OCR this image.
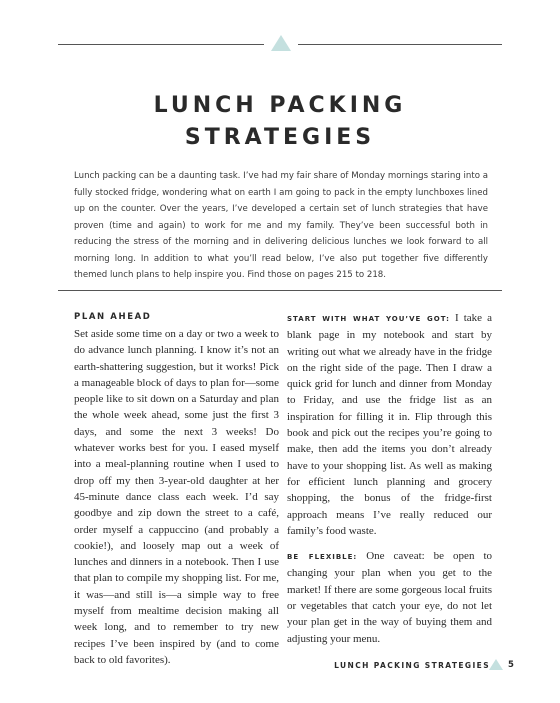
LUNCH PACKING
STRATEGIES

Lunch packing can be a daunting task. I’ve had my fair share of Monday mornings staring into a fully stocked fridge, wondering what on earth I am going to pack in the empty lunchboxes lined up on the counter. Over the years, I’ve developed a certain set of lunch strategies that have proven (time and again) to work for me and my family. They’ve been successful both in reducing the stress of the morning and in delivering delicious lunches we look forward to all morning long. In addition to what you’ll read below, I’ve also put together five differently themed lunch plans to help inspire you. Find those on pages 215 to 218.

PLAN AHEAD

Set aside some time on a day or two a week to do advance lunch planning. I know it’s not an earth-shattering suggestion, but it works! Pick a manageable block of days to plan for—some people like to sit down on a Saturday and plan the whole week ahead, some just the first 3 days, and some the next 3 weeks! Do whatever works best for you. I eased myself into a meal-planning routine when I used to drop off my then 3-year-old daughter at her 45-minute dance class each week. I’d say goodbye and zip down the street to a café, order myself a cappuccino (and probably a cookie!), and loosely map out a week of lunches and dinners in a notebook. Then I use that plan to compile my shopping list. For me, it was—and still is—a simple way to free myself from mealtime decision making all week long, and to remember to try new recipes I’ve been inspired by (and to come back to old favorites).

START WITH WHAT YOU’VE GOT: I take a blank page in my notebook and start by writing out what we already have in the fridge on the right side of the page. Then I draw a quick grid for lunch and dinner from Monday to Friday, and use the fridge list as an inspiration for filling it in. Flip through this book and pick out the recipes you’re going to make, then add the items you don’t already have to your shopping list. As well as making for efficient lunch planning and grocery shopping, the bonus of the fridge-first approach means I’ve really reduced our family’s food waste.

BE FLEXIBLE: One caveat: be open to changing your plan when you get to the market! If there are some gorgeous local fruits or vegetables that catch your eye, do not let your plan get in the way of buying them and adjusting your menu.

LUNCH PACKING STRATEGIES 5
